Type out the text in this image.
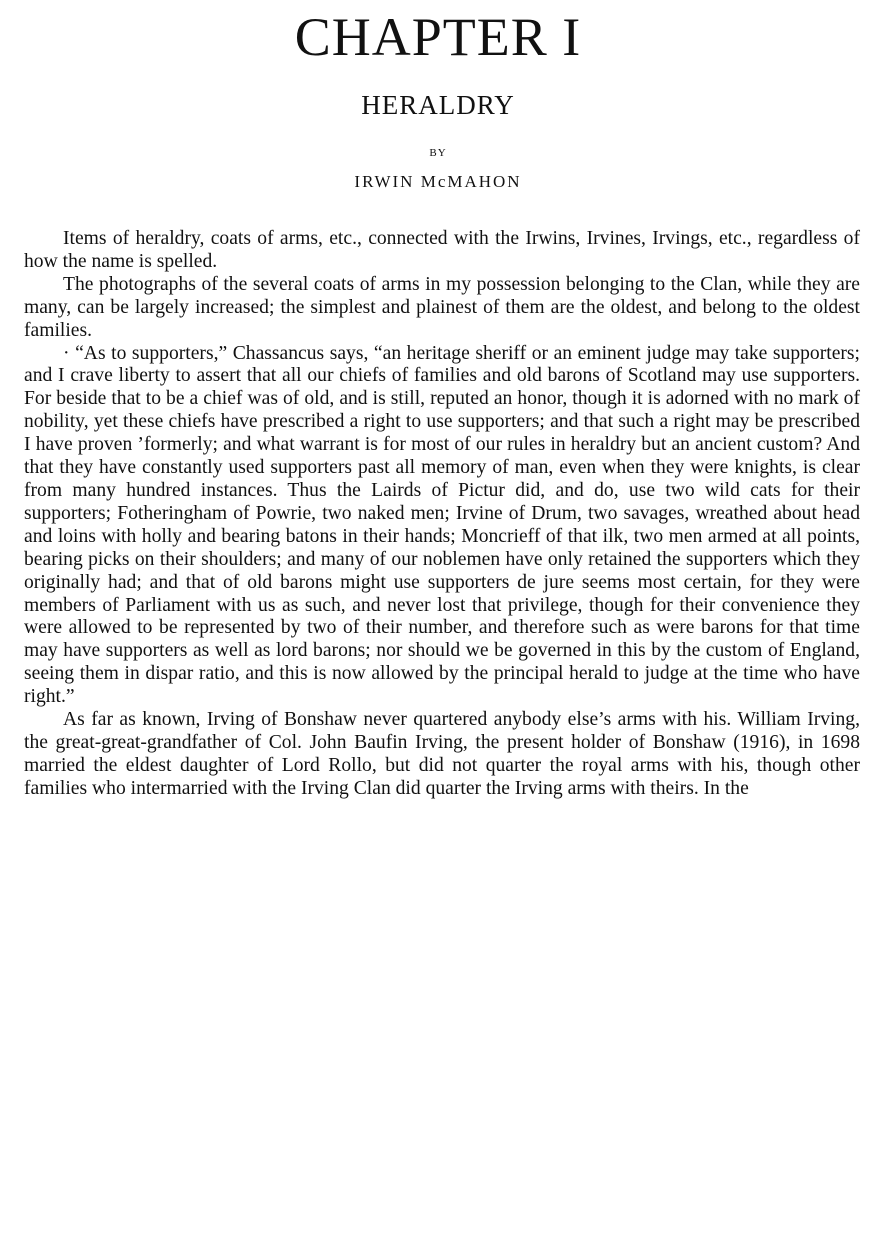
CHAPTER I
HERALDRY
BY
IRWIN McMAHON

Items of heraldry, coats of arms, etc., connected with the Irwins, Irvines, Irvings, etc., regardless of how the name is spelled.

The photographs of the several coats of arms in my possession belonging to the Clan, while they are many, can be largely increased; the simplest and plainest of them are the oldest, and belong to the oldest families.

· “As to supporters,” Chassancus says, “an heritage sheriff or an eminent judge may take supporters; and I crave liberty to assert that all our chiefs of families and old barons of Scotland may use supporters. For beside that to be a chief was of old, and is still, reputed an honor, though it is adorned with no mark of nobility, yet these chiefs have prescribed a right to use supporters; and that such a right may be prescribed I have proven ’formerly; and what warrant is for most of our rules in heraldry but an ancient custom? And that they have constantly used supporters past all memory of man, even when they were knights, is clear from many hundred instances. Thus the Lairds of Pictur did, and do, use two wild cats for their supporters; Fotheringham of Powrie, two naked men; Irvine of Drum, two savages, wreathed about head and loins with holly and bearing batons in their hands; Moncrieff of that ilk, two men armed at all points, bearing picks on their shoulders; and many of our noblemen have only retained the supporters which they originally had; and that of old barons might use supporters de jure seems most certain, for they were members of Parliament with us as such, and never lost that privilege, though for their convenience they were allowed to be represented by two of their number, and therefore such as were barons for that time may have supporters as well as lord barons; nor should we be governed in this by the custom of England, seeing them in dispar ratio, and this is now allowed by the principal herald to judge at the time who have right.”

As far as known, Irving of Bonshaw never quartered anybody else’s arms with his. William Irving, the great-great-grandfather of Col. John Baufin Irving, the present holder of Bonshaw (1916), in 1698 married the eldest daughter of Lord Rollo, but did not quarter the royal arms with his, though other families who intermarried with the Irving Clan did quarter the Irving arms with theirs. In the
